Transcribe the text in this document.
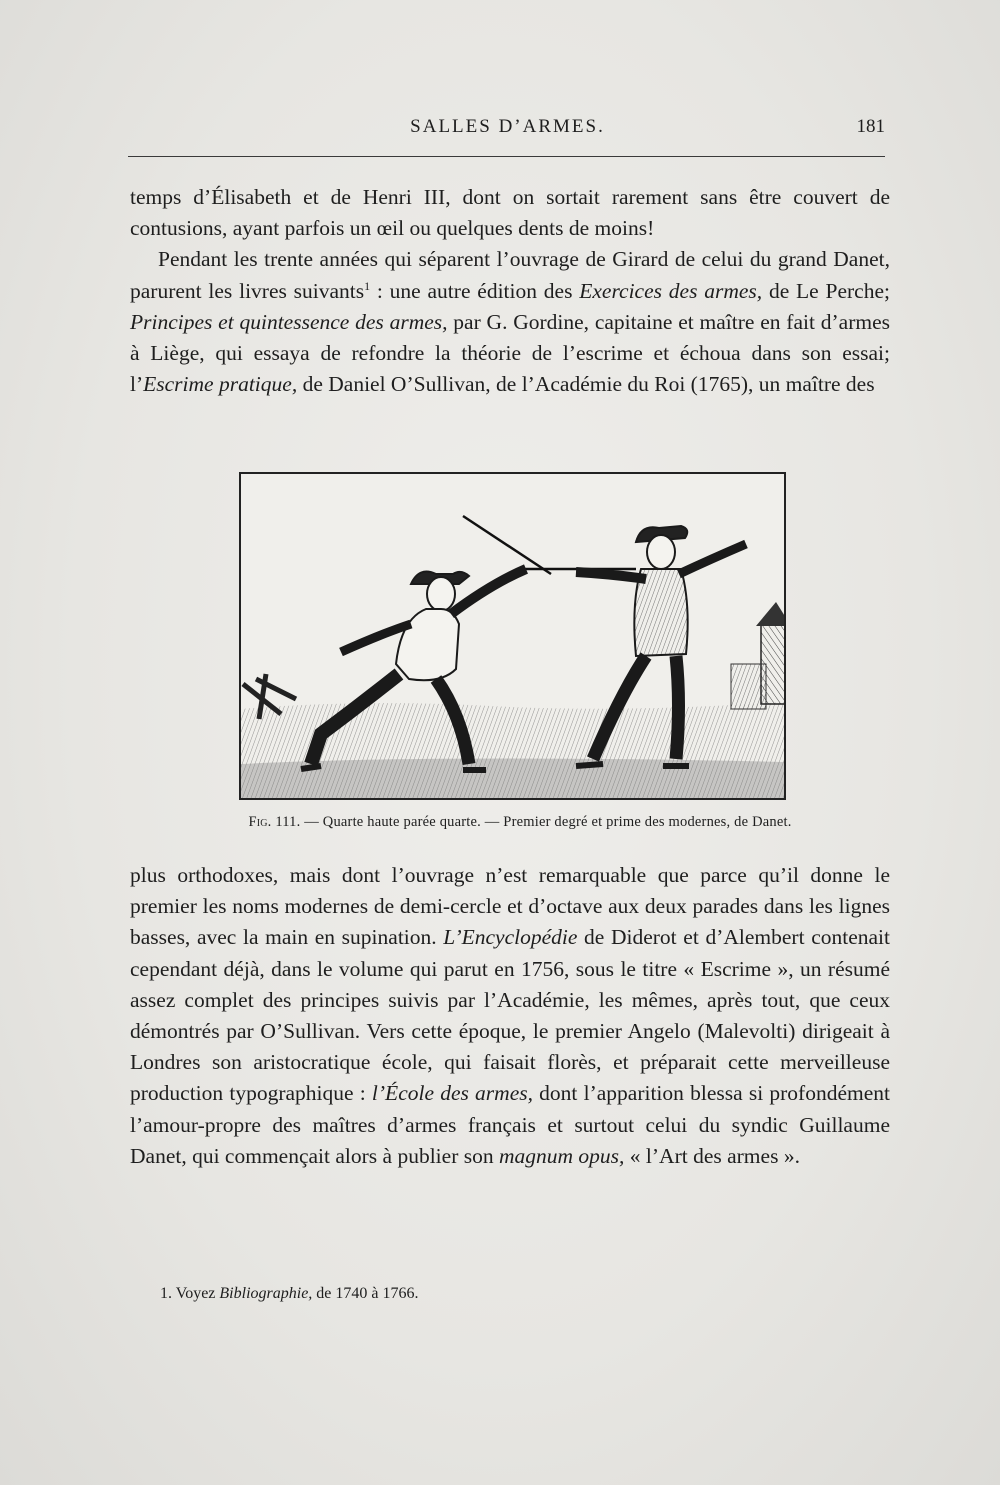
SALLES D’ARMES.	181

temps d’Élisabeth et de Henri III, dont on sortait rarement sans être couvert de contusions, ayant parfois un œil ou quelques dents de moins!

Pendant les trente années qui séparent l’ouvrage de Girard de celui du grand Danet, parurent les livres suivants$^1$ : une autre édition des Exercices des armes, de Le Perche; Principes et quintessence des armes, par G. Gordine, capitaine et maître en fait d’armes à Liège, qui essaya de refondre la théorie de l’escrime et échoua dans son essai; l’Escrime pratique, de Daniel O’Sullivan, de l’Académie du Roi (1765), un maître des

Fig. 111. — Quarte haute parée quarte. — Premier degré et prime des modernes, de Danet.

plus orthodoxes, mais dont l’ouvrage n’est remarquable que parce qu’il donne le premier les noms modernes de demi-cercle et d’octave aux deux parades dans les lignes basses, avec la main en supination. L’Encyclopédie de Diderot et d’Alembert contenait cependant déjà, dans le volume qui parut en 1756, sous le titre « Escrime », un résumé assez complet des principes suivis par l’Académie, les mêmes, après tout, que ceux démontrés par O’Sullivan. Vers cette époque, le premier Angelo (Malevolti) dirigeait à Londres son aristocratique école, qui faisait florès, et préparait cette merveilleuse production typographique : l’École des armes, dont l’apparition blessa si profondément l’amour-propre des maîtres d’armes français et surtout celui du syndic Guillaume Danet, qui commençait alors à publier son magnum opus, « l’Art des armes ».

1. Voyez Bibliographie, de 1740 à 1766.
